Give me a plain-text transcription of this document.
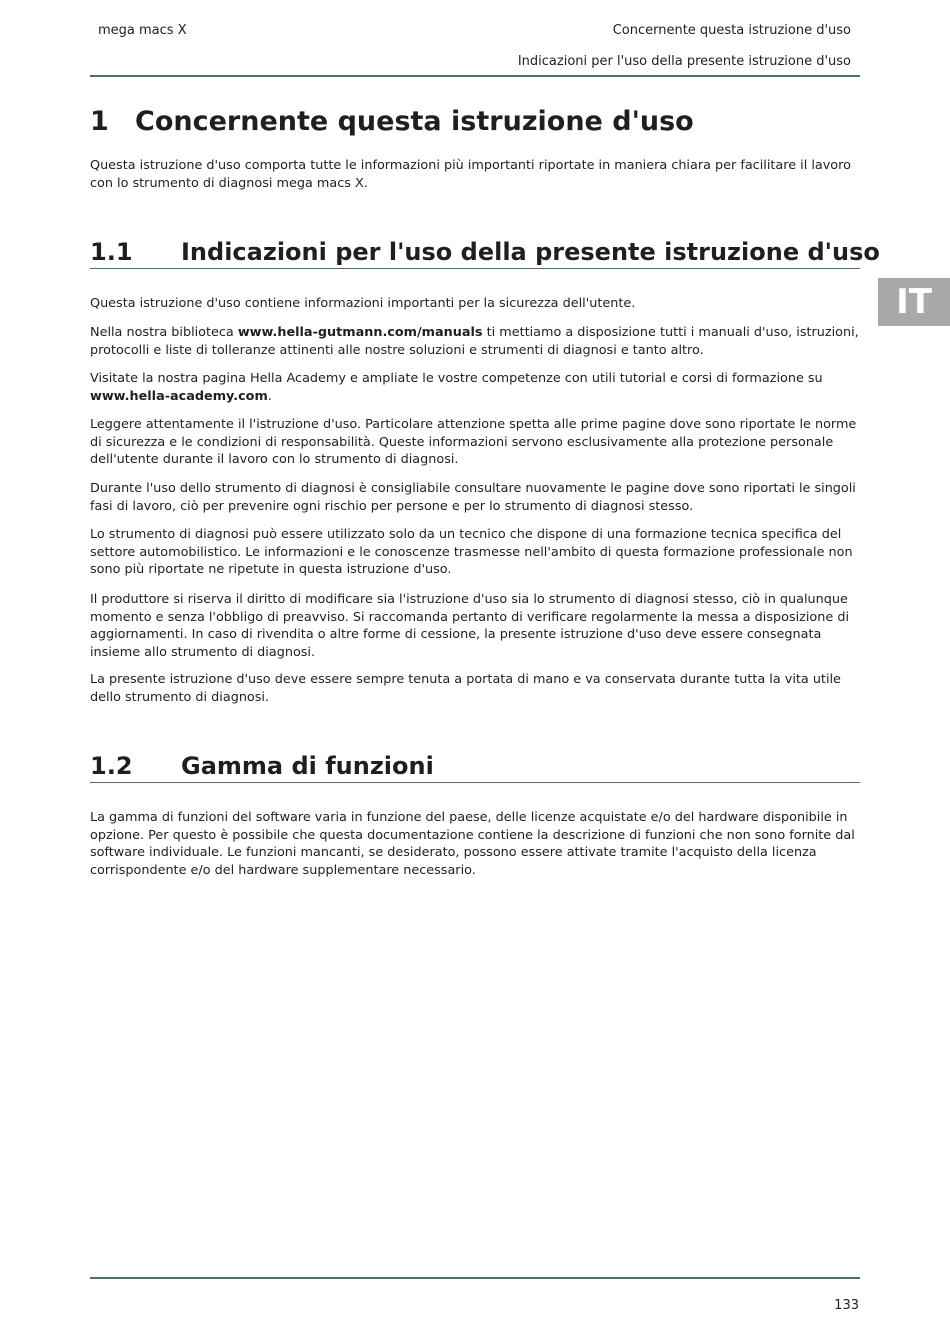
mega macs X	Concernente questa istruzione d'uso
Indicazioni per l'uso della presente istruzione d'uso
IT
1 Concernente questa istruzione d'uso

Questa istruzione d'uso comporta tutte le informazioni più importanti riportate in maniera chiara per facilitare il lavoro con lo strumento di diagnosi mega macs X.

1.1 Indicazioni per l'uso della presente istruzione d'uso

Questa istruzione d'uso contiene informazioni importanti per la sicurezza dell'utente.

Nella nostra biblioteca www.hella-gutmann.com/manuals ti mettiamo a disposizione tutti i manuali d'uso, istruzioni, protocolli e liste di tolleranze attinenti alle nostre soluzioni e strumenti di diagnosi e tanto altro.

Visitate la nostra pagina Hella Academy e ampliate le vostre competenze con utili tutorial e corsi di formazione su www.hella-academy.com.

Leggere attentamente il l'istruzione d'uso. Particolare attenzione spetta alle prime pagine dove sono riportate le norme di sicurezza e le condizioni di responsabilità. Queste informazioni servono esclusivamente alla protezione personale dell'utente durante il lavoro con lo strumento di diagnosi.

Durante l'uso dello strumento di diagnosi è consigliabile consultare nuovamente le pagine dove sono riportati le singoli fasi di lavoro, ciò per prevenire ogni rischio per persone e per lo strumento di diagnosi stesso.

Lo strumento di diagnosi può essere utilizzato solo da un tecnico che dispone di una formazione tecnica specifica del settore automobilistico. Le informazioni e le conoscenze trasmesse nell'ambito di questa formazione professionale non sono più riportate ne ripetute in questa istruzione d'uso.

Il produttore si riserva il diritto di modificare sia l'istruzione d'uso sia lo strumento di diagnosi stesso, ciò in qualunque momento e senza l'obbligo di preavviso. Si raccomanda pertanto di verificare regolarmente la messa a disposizione di aggiornamenti. In caso di rivendita o altre forme di cessione, la presente istruzione d'uso deve essere consegnata insieme allo strumento di diagnosi.

La presente istruzione d'uso deve essere sempre tenuta a portata di mano e va conservata durante tutta la vita utile dello strumento di diagnosi.

1.2 Gamma di funzioni

La gamma di funzioni del software varia in funzione del paese, delle licenze acquistate e/o del hardware disponibile in opzione. Per questo è possibile che questa documentazione contiene la descrizione di funzioni che non sono fornite dal software individuale. Le funzioni mancanti, se desiderato, possono essere attivate tramite l'acquisto della licenza corrispondente e/o del hardware supplementare necessario.

133
